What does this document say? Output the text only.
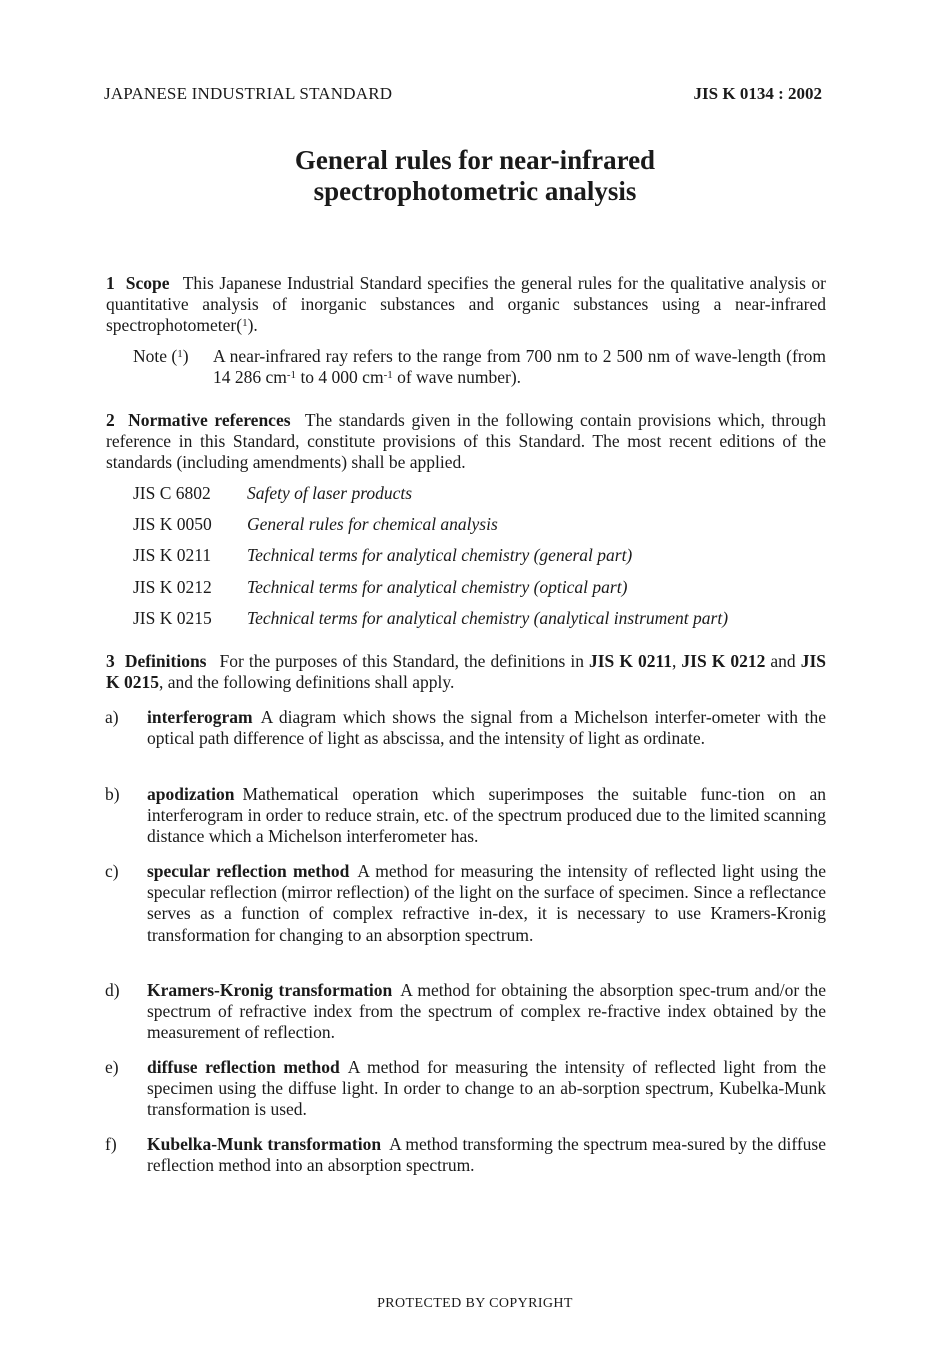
JAPANESE INDUSTRIAL STANDARD	JIS K 0134 : 2002
General rules for near-infrared
spectrophotometric analysis
1 Scope This Japanese Industrial Standard specifies the general rules for the qualitative analysis or quantitative analysis of inorganic substances and organic substances using a near-infrared spectrophotometer($^1$).
Note ($^1$) A near-infrared ray refers to the range from 700 nm to 2 500 nm of wave-length (from 14 286 $cm^{-1}$ to 4 000 $cm^{-1}$ of wave number).
2 Normative references The standards given in the following contain provisions which, through reference in this Standard, constitute provisions of this Standard. The most recent editions of the standards (including amendments) shall be applied.
JIS C 6802 Safety of laser products
JIS K 0050 General rules for chemical analysis
JIS K 0211 Technical terms for analytical chemistry (general part)
JIS K 0212 Technical terms for analytical chemistry (optical part)
JIS K 0215 Technical terms for analytical chemistry (analytical instrument part)
3 Definitions For the purposes of this Standard, the definitions in JIS K 0211, JIS K 0212 and JIS K 0215, and the following definitions shall apply.
a) interferogram A diagram which shows the signal from a Michelson interfer-ometer with the optical path difference of light as abscissa, and the intensity of light as ordinate.
b) apodization Mathematical operation which superimposes the suitable func-tion on an interferogram in order to reduce strain, etc. of the spectrum produced due to the limited scanning distance which a Michelson interferometer has.
c) specular reflection method A method for measuring the intensity of reflected light using the specular reflection (mirror reflection) of the light on the surface of specimen. Since a reflectance serves as a function of complex refractive in-dex, it is necessary to use Kramers-Kronig transformation for changing to an absorption spectrum.
d) Kramers-Kronig transformation A method for obtaining the absorption spec-trum and/or the spectrum of refractive index from the spectrum of complex re-fractive index obtained by the measurement of reflection.
e) diffuse reflection method A method for measuring the intensity of reflected light from the specimen using the diffuse light. In order to change to an ab-sorption spectrum, Kubelka-Munk transformation is used.
f) Kubelka-Munk transformation A method transforming the spectrum mea-sured by the diffuse reflection method into an absorption spectrum.
PROTECTED BY COPYRIGHT
